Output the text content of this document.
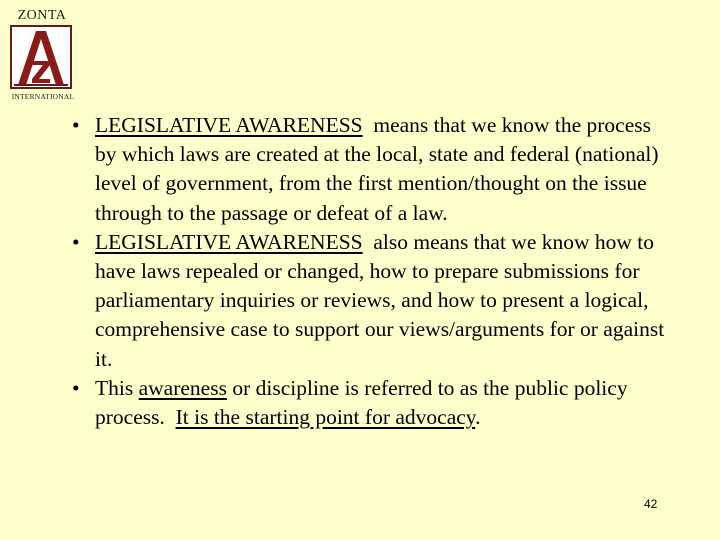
ZONTA
INTERNATIONAL
• LEGISLATIVE AWARENESS  means that we know the process by which laws are created at the local, state and federal (national) level of government, from the first mention/thought on the issue through to the passage or defeat of a law.
• LEGISLATIVE AWARENESS  also means that we know how to have laws repealed or changed, how to prepare submissions for parliamentary inquiries or reviews, and how to present a logical, comprehensive case to support our views/arguments for or against it.
• This awareness or discipline is referred to as the public policy process.  It is the starting point for advocacy.
42
